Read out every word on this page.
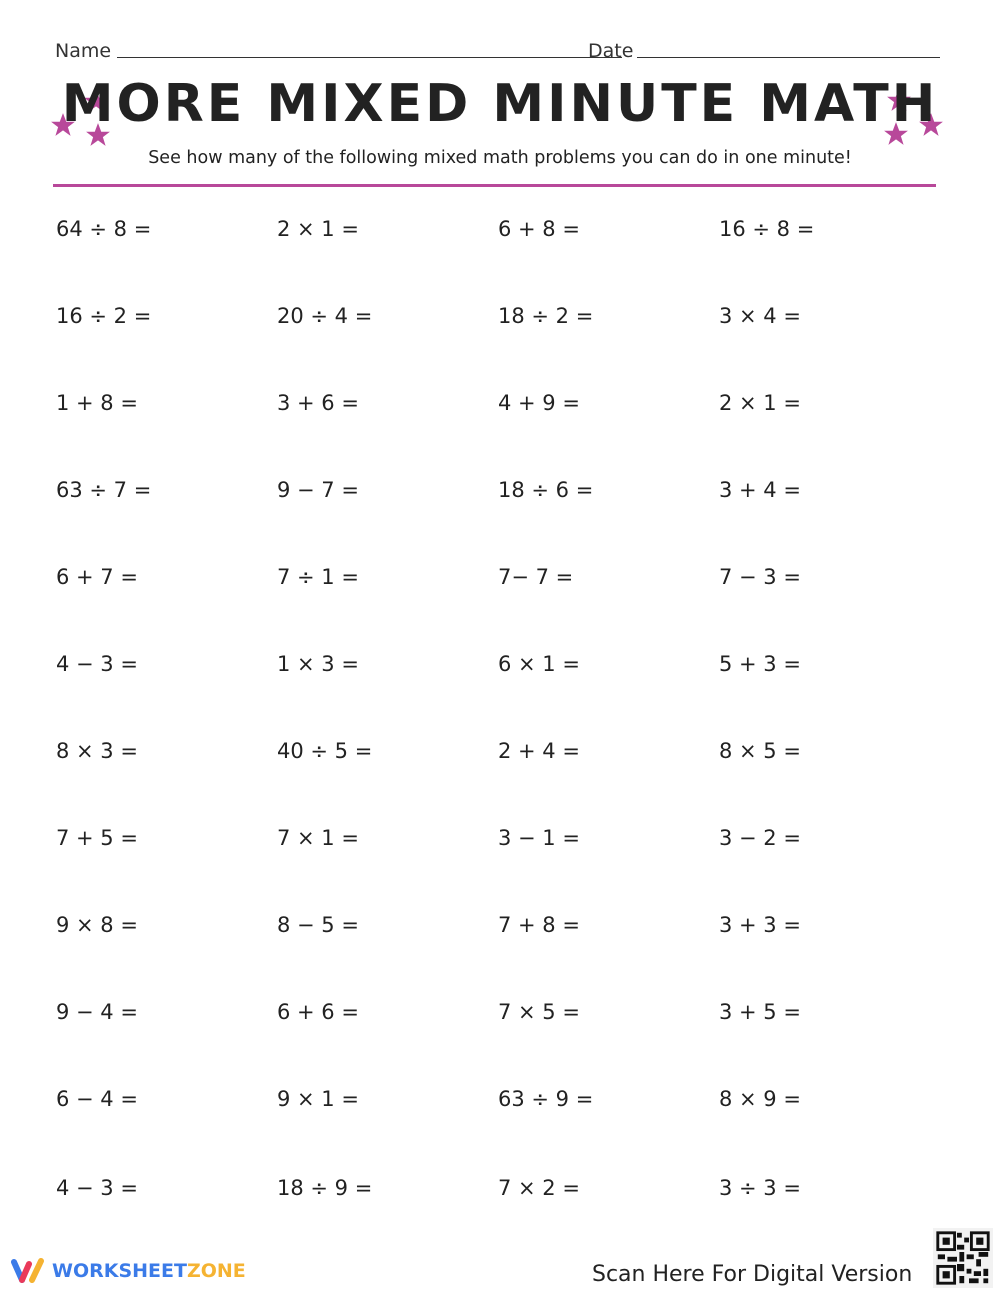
Name	Date
MORE MIXED MINUTE MATH
See how many of the following mixed math problems you can do in one minute!
64 ÷ 8 =	2 × 1 =	6 + 8 =	16 ÷ 8 =
16 ÷ 2 =	20 ÷ 4 =	18 ÷ 2 =	3 × 4 =
1 + 8 =	3 + 6 =	4 + 9 =	2 × 1 =
63 ÷ 7 =	9 − 7 =	18 ÷ 6 =	3 + 4 =
6 + 7 =	7 ÷ 1 =	7− 7 =	7 − 3 =
4 − 3 =	1 × 3 =	6 × 1 =	5 + 3 =
8 × 3 =	40 ÷ 5 =	2 + 4 =	8 × 5 =
7 + 5 =	7 × 1 =	3 − 1 =	3 − 2 =
9 × 8 =	8 − 5 =	7 + 8 =	3 + 3 =
9 − 4 =	6 + 6 =	7 × 5 =	3 + 5 =
6 − 4 =	9 × 1 =	63 ÷ 9 =	8 × 9 =
4 − 3 =	18 ÷ 9 =	7 × 2 =	3 ÷ 3 =
WORKSHEETZONE	Scan Here For Digital Version
